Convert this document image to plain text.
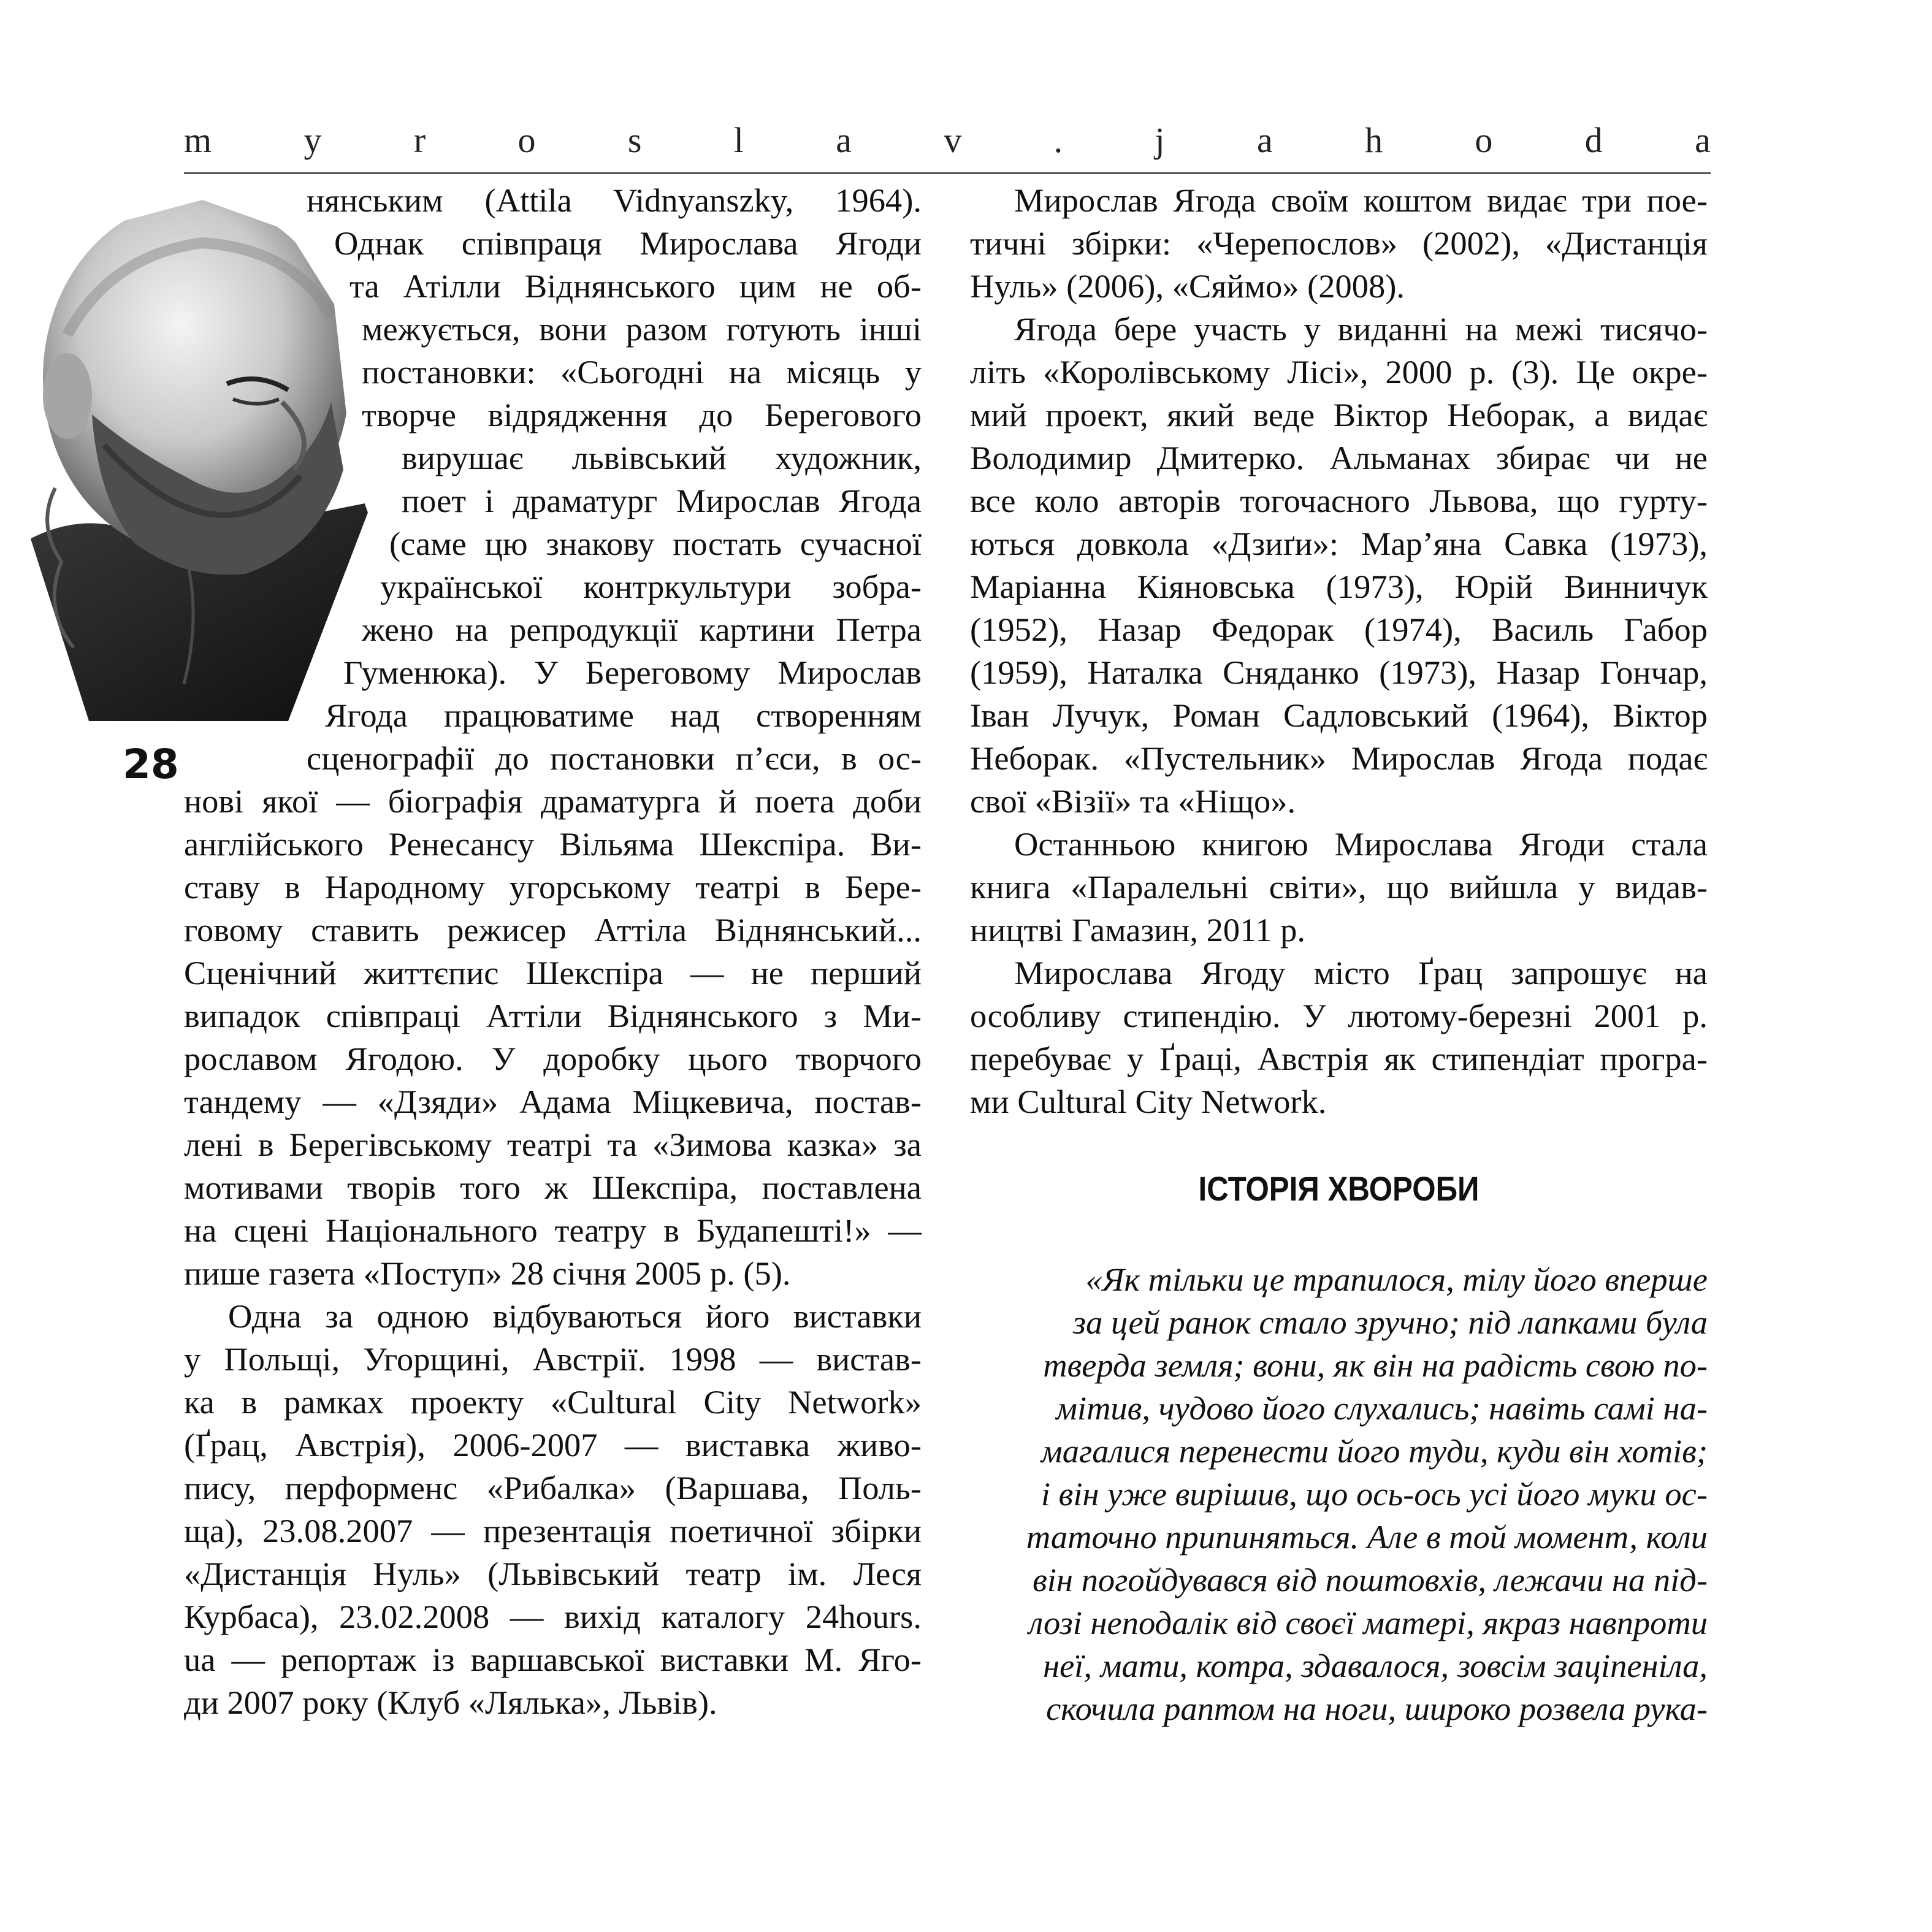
m	y	r	o	s	l	a	v	.	j	a	h	o	d	a
28
нянським (Attila Vidnyanszky, 1964).
Однак співпраця Мирослава Ягоди
та Атілли Віднянського цим не об-
межується, вони разом готують інші
постановки: «Сьогодні на місяць у
творче відрядження до Берегового
вирушає львівський художник,
поет і драматург Мирослав Ягода
(саме цю знакову постать сучасної
української контркультури зобра-
жено на репродукції картини Петра
Гуменюка). У Береговому Мирослав
Ягода працюватиме над створенням
сценографії до постановки п’єси, в ос-
нові якої — біографія драматурга й поета доби
англійського Ренесансу Вільяма Шекспіра. Ви-
ставу в Народному угорському театрі в Бере-
говому ставить режисер Аттіла Віднянський...
Сценічний життєпис Шекспіра — не перший
випадок співпраці Аттіли Віднянського з Ми-
рославом Ягодою. У доробку цього творчого
тандему — «Дзяди» Адама Міцкевича, постав-
лені в Берегівському театрі та «Зимова казка» за
мотивами творів того ж Шекспіра, поставлена
на сцені Національного театру в Будапешті!» —
пише газета «Поступ» 28 січня 2005 р. (5).
Одна за одною відбуваються його виставки
у Польщі, Угорщині, Австрії. 1998 — вистав-
ка в рамках проекту «Cultural City Network»
(Ґрац, Австрія), 2006-2007 — виставка живо-
пису, перформенс «Рибалка» (Варшава, Поль-
ща), 23.08.2007 — презентація поетичної збірки
«Дистанція Нуль» (Львівський театр ім. Леся
Курбаса), 23.02.2008 — вихід каталогу 24hours.
ua — репортаж із варшавської виставки М. Яго-
ди 2007 року (Клуб «Лялька», Львів).
Мирослав Ягода своїм коштом видає три пое-
тичні збірки: «Черепослов» (2002), «Дистанція
Нуль» (2006), «Сяймо» (2008).
Ягода бере участь у виданні на межі тисячо-
літь «Королівському Лісі», 2000 р. (3). Це окре-
мий проект, який веде Віктор Неборак, а видає
Володимир Дмитерко. Альманах збирає чи не
все коло авторів тогочасного Львова, що гурту-
ються довкола «Дзиґи»: Мар’яна Савка (1973),
Маріанна Кіяновська (1973), Юрій Винничук
(1952), Назар Федорак (1974), Василь Габор
(1959), Наталка Сняданко (1973), Назар Гончар,
Іван Лучук, Роман Садловський (1964), Віктор
Неборак. «Пустельник» Мирослав Ягода подає
свої «Візії» та «Ніщо».
Останньою книгою Мирослава Ягоди стала
книга «Паралельні світи», що вийшла у видав-
ництві Гамазин, 2011 р.
Мирослава Ягоду місто Ґрац запрошує на
особливу стипендію. У лютому-березні 2001 р.
перебуває у Ґраці, Австрія як стипендіат програ-
ми Cultural City Network.
ІСТОРІЯ ХВОРОБИ
«Як тільки це трапилося, тілу його вперше
за цей ранок стало зручно; під лапками була
тверда земля; вони, як він на радість свою по-
мітив, чудово його слухались; навіть самі на-
магалися перенести його туди, куди він хотів;
і він уже вирішив, що ось-ось усі його муки ос-
таточно припиняться. Але в той момент, коли
він погойдувався від поштовхів, лежачи на під-
лозі неподалік від своєї матері, якраз навпроти
неї, мати, котра, здавалося, зовсім заціпеніла,
скочила раптом на ноги, широко розвела рука-
